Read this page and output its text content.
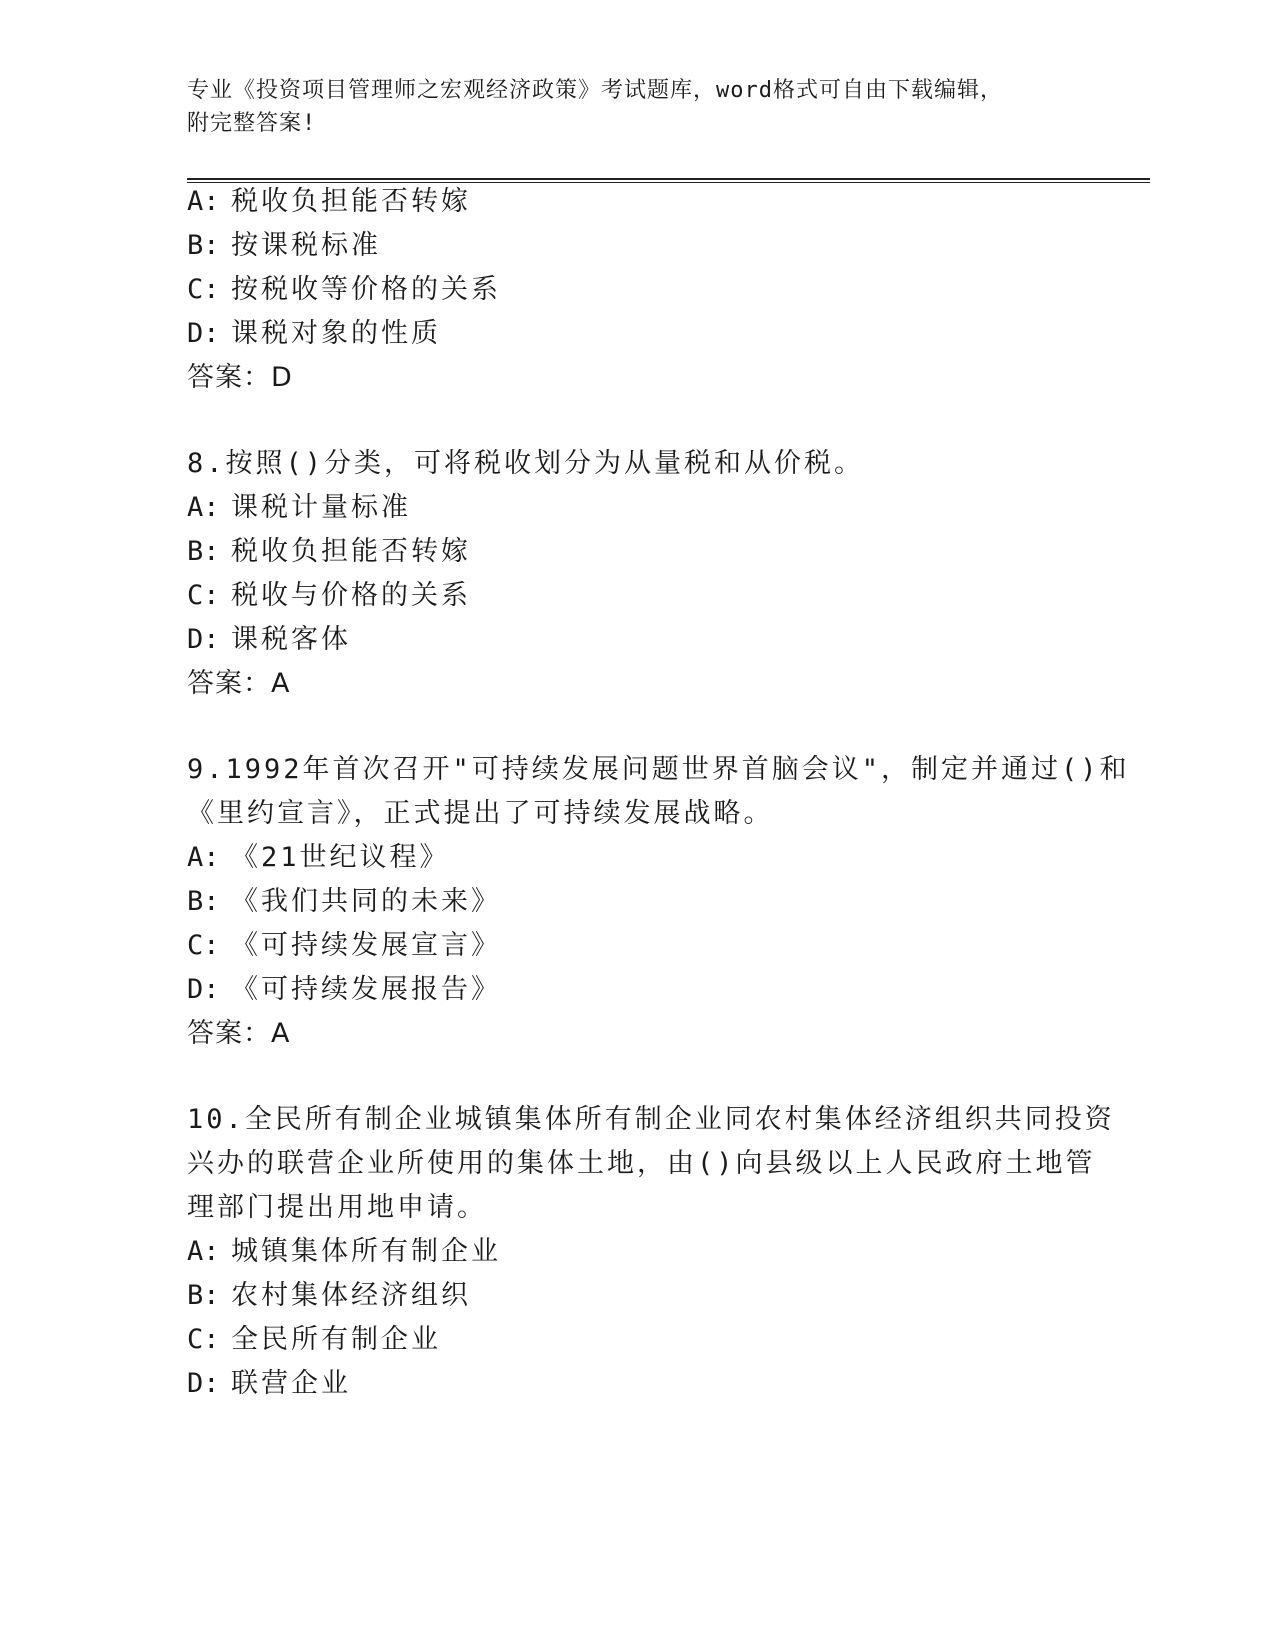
专业《投资项目管理师之宏观经济政策》考试题库，word格式可自由下载编辑，
附完整答案!
A: 税收负担能否转嫁
B: 按课税标准
C: 按税收等价格的关系
D: 课税对象的性质
答案：D
8.按照()分类，可将税收划分为从量税和从价税。
A: 课税计量标准
B: 税收负担能否转嫁
C: 税收与价格的关系
D: 课税客体
答案：A
9.1992年首次召开"可持续发展问题世界首脑会议"，制定并通过()和
《里约宣言》，正式提出了可持续发展战略。
A: 《21世纪议程》
B: 《我们共同的未来》
C: 《可持续发展宣言》
D: 《可持续发展报告》
答案：A
10.全民所有制企业城镇集体所有制企业同农村集体经济组织共同投资
兴办的联营企业所使用的集体土地，由()向县级以上人民政府土地管
理部门提出用地申请。
A: 城镇集体所有制企业
B: 农村集体经济组织
C: 全民所有制企业
D: 联营企业
